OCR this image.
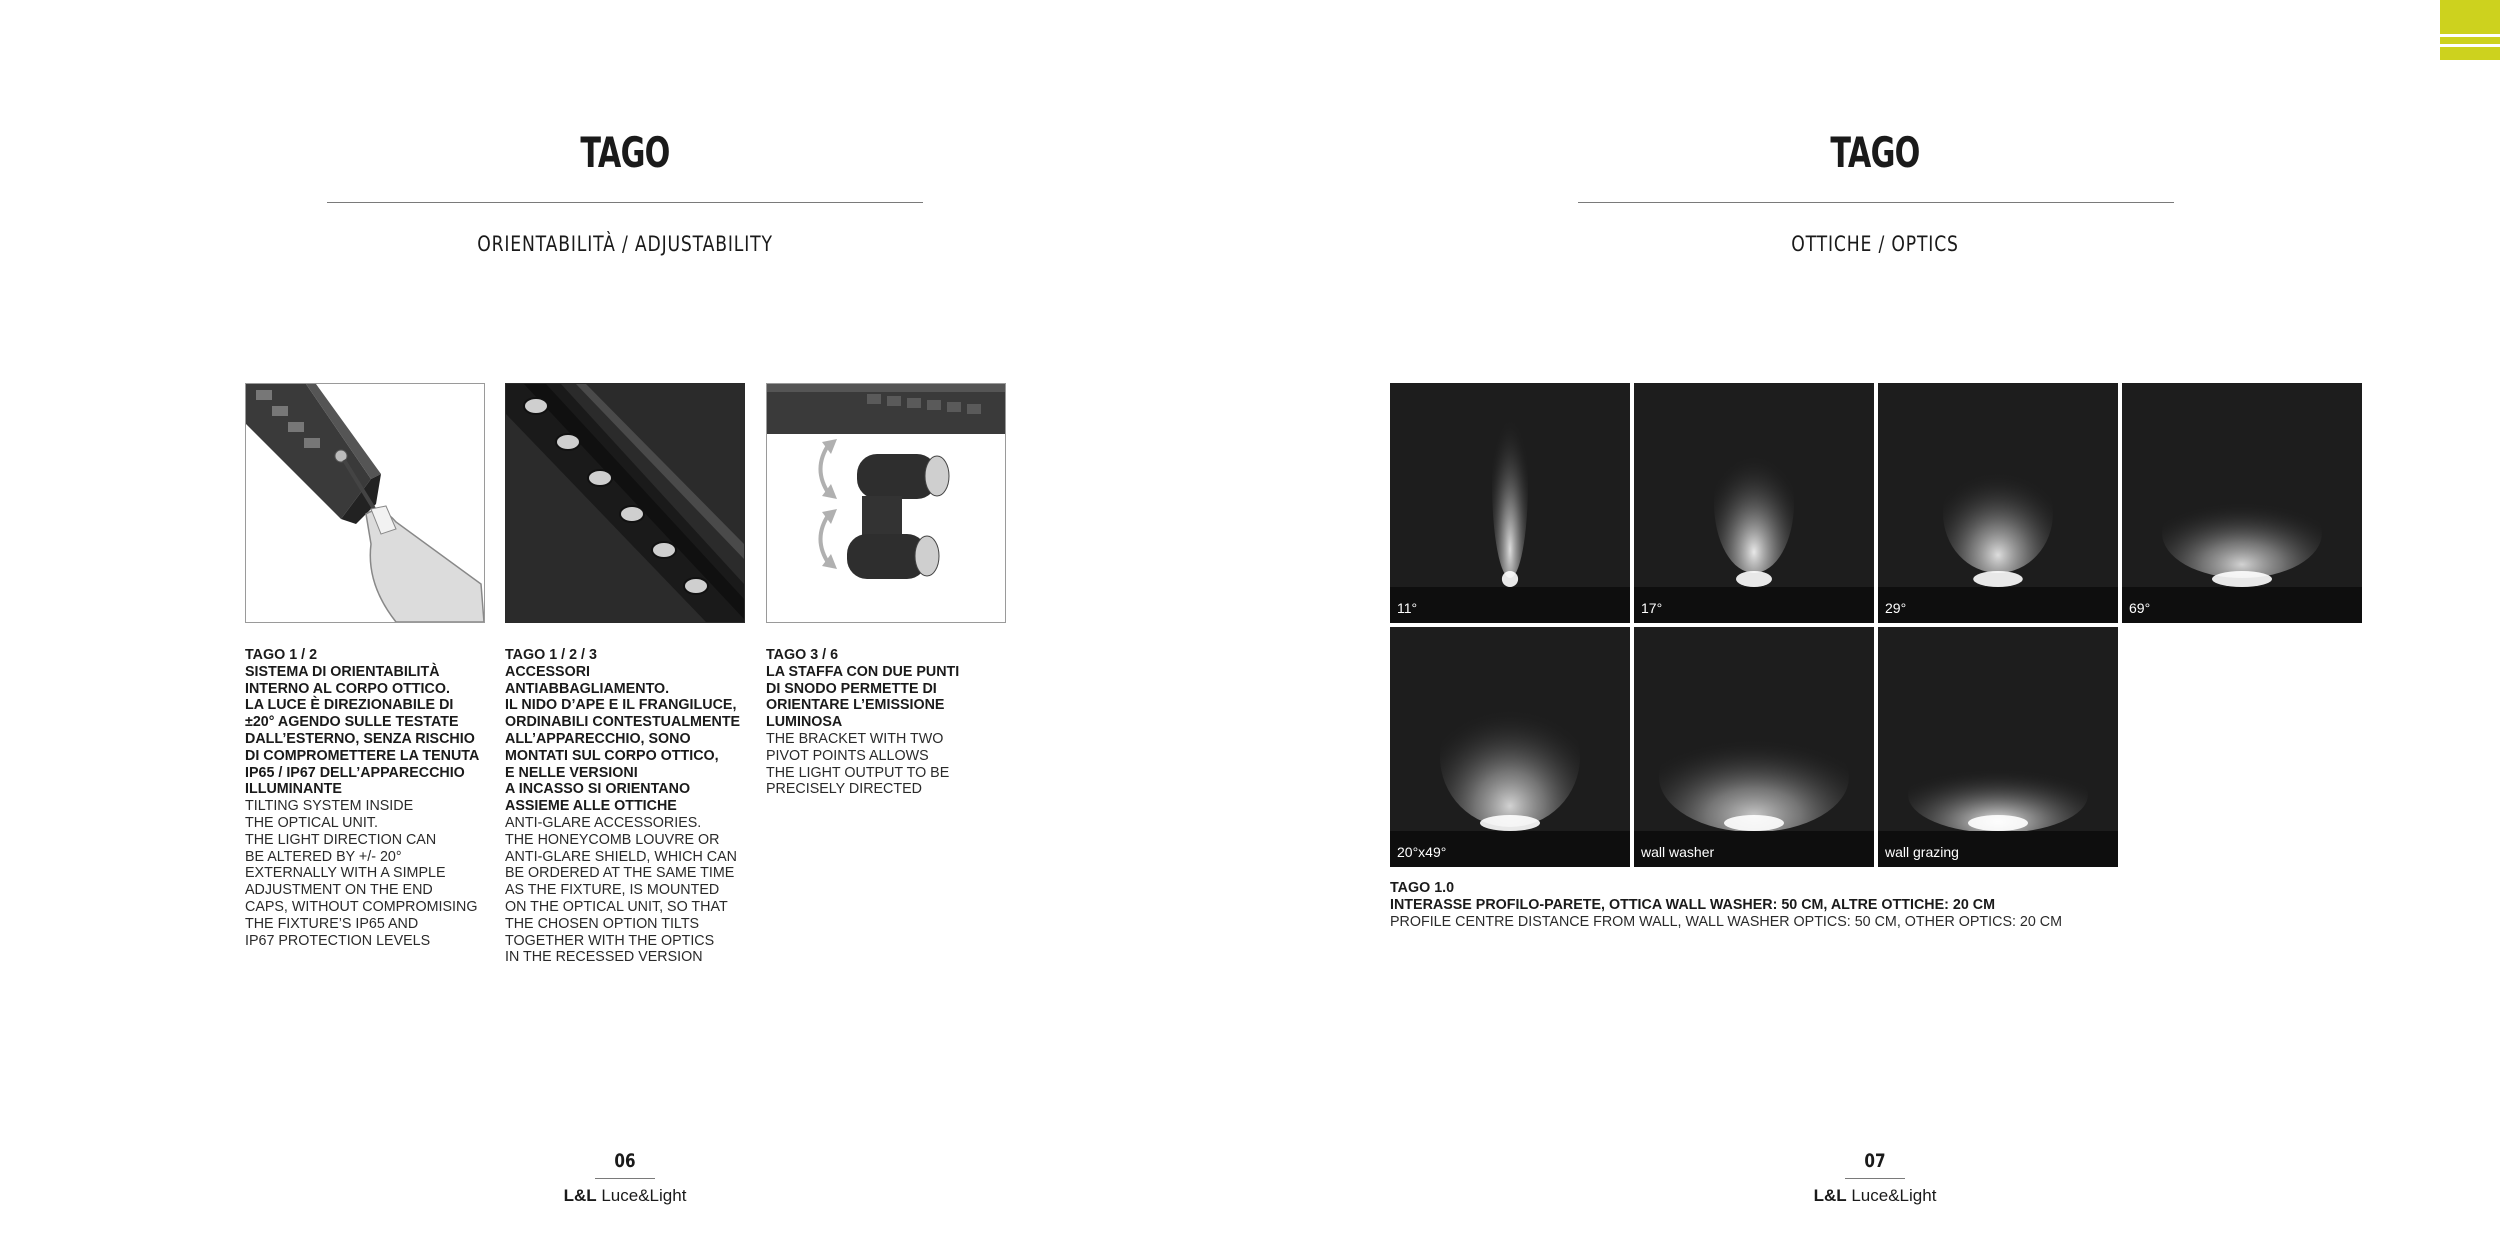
TAGO
ORIENTABILITÀ / ADJUSTABILITY
TAGO 1 / 2
SISTEMA DI ORIENTABILITÀ
INTERNO AL CORPO OTTICO.
LA LUCE È DIREZIONABILE DI
±20° AGENDO SULLE TESTATE
DALL’ESTERNO, SENZA RISCHIO
DI COMPROMETTERE LA TENUTA
IP65 / IP67 DELL’APPARECCHIO
ILLUMINANTE
TILTING SYSTEM INSIDE
THE OPTICAL UNIT.
THE LIGHT DIRECTION CAN
BE ALTERED BY +/- 20°
EXTERNALLY WITH A SIMPLE
ADJUSTMENT ON THE END
CAPS, WITHOUT COMPROMISING
THE FIXTURE’S IP65 AND
IP67 PROTECTION LEVELS
TAGO 1 / 2 / 3
ACCESSORI ANTIABBAGLIAMENTO.
IL NIDO D’APE E IL FRANGILUCE,
ORDINABILI CONTESTUALMENTE
ALL’APPARECCHIO, SONO
MONTATI SUL CORPO OTTICO,
E NELLE VERSIONI
A INCASSO SI ORIENTANO
ASSIEME ALLE OTTICHE
ANTI-GLARE ACCESSORIES.
THE HONEYCOMB LOUVRE OR
ANTI-GLARE SHIELD, WHICH CAN
BE ORDERED AT THE SAME TIME
AS THE FIXTURE, IS MOUNTED
ON THE OPTICAL UNIT, SO THAT
THE CHOSEN OPTION TILTS
TOGETHER WITH THE OPTICS
IN THE RECESSED VERSION
TAGO 3 / 6
LA STAFFA CON DUE PUNTI
DI SNODO PERMETTE DI
ORIENTARE L’EMISSIONE
LUMINOSA
THE BRACKET WITH TWO
PIVOT POINTS ALLOWS
THE LIGHT OUTPUT TO BE
PRECISELY DIRECTED
06
L&L Luce&Light
TAGO
OTTICHE / OPTICS
11°	17°	29°	69°
20°x49°	wall washer	wall grazing
TAGO 1.0
INTERASSE PROFILO-PARETE, OTTICA WALL WASHER: 50 CM, ALTRE OTTICHE: 20 CM
PROFILE CENTRE DISTANCE FROM WALL, WALL WASHER OPTICS: 50 CM, OTHER OPTICS: 20 CM
07
L&L Luce&Light
